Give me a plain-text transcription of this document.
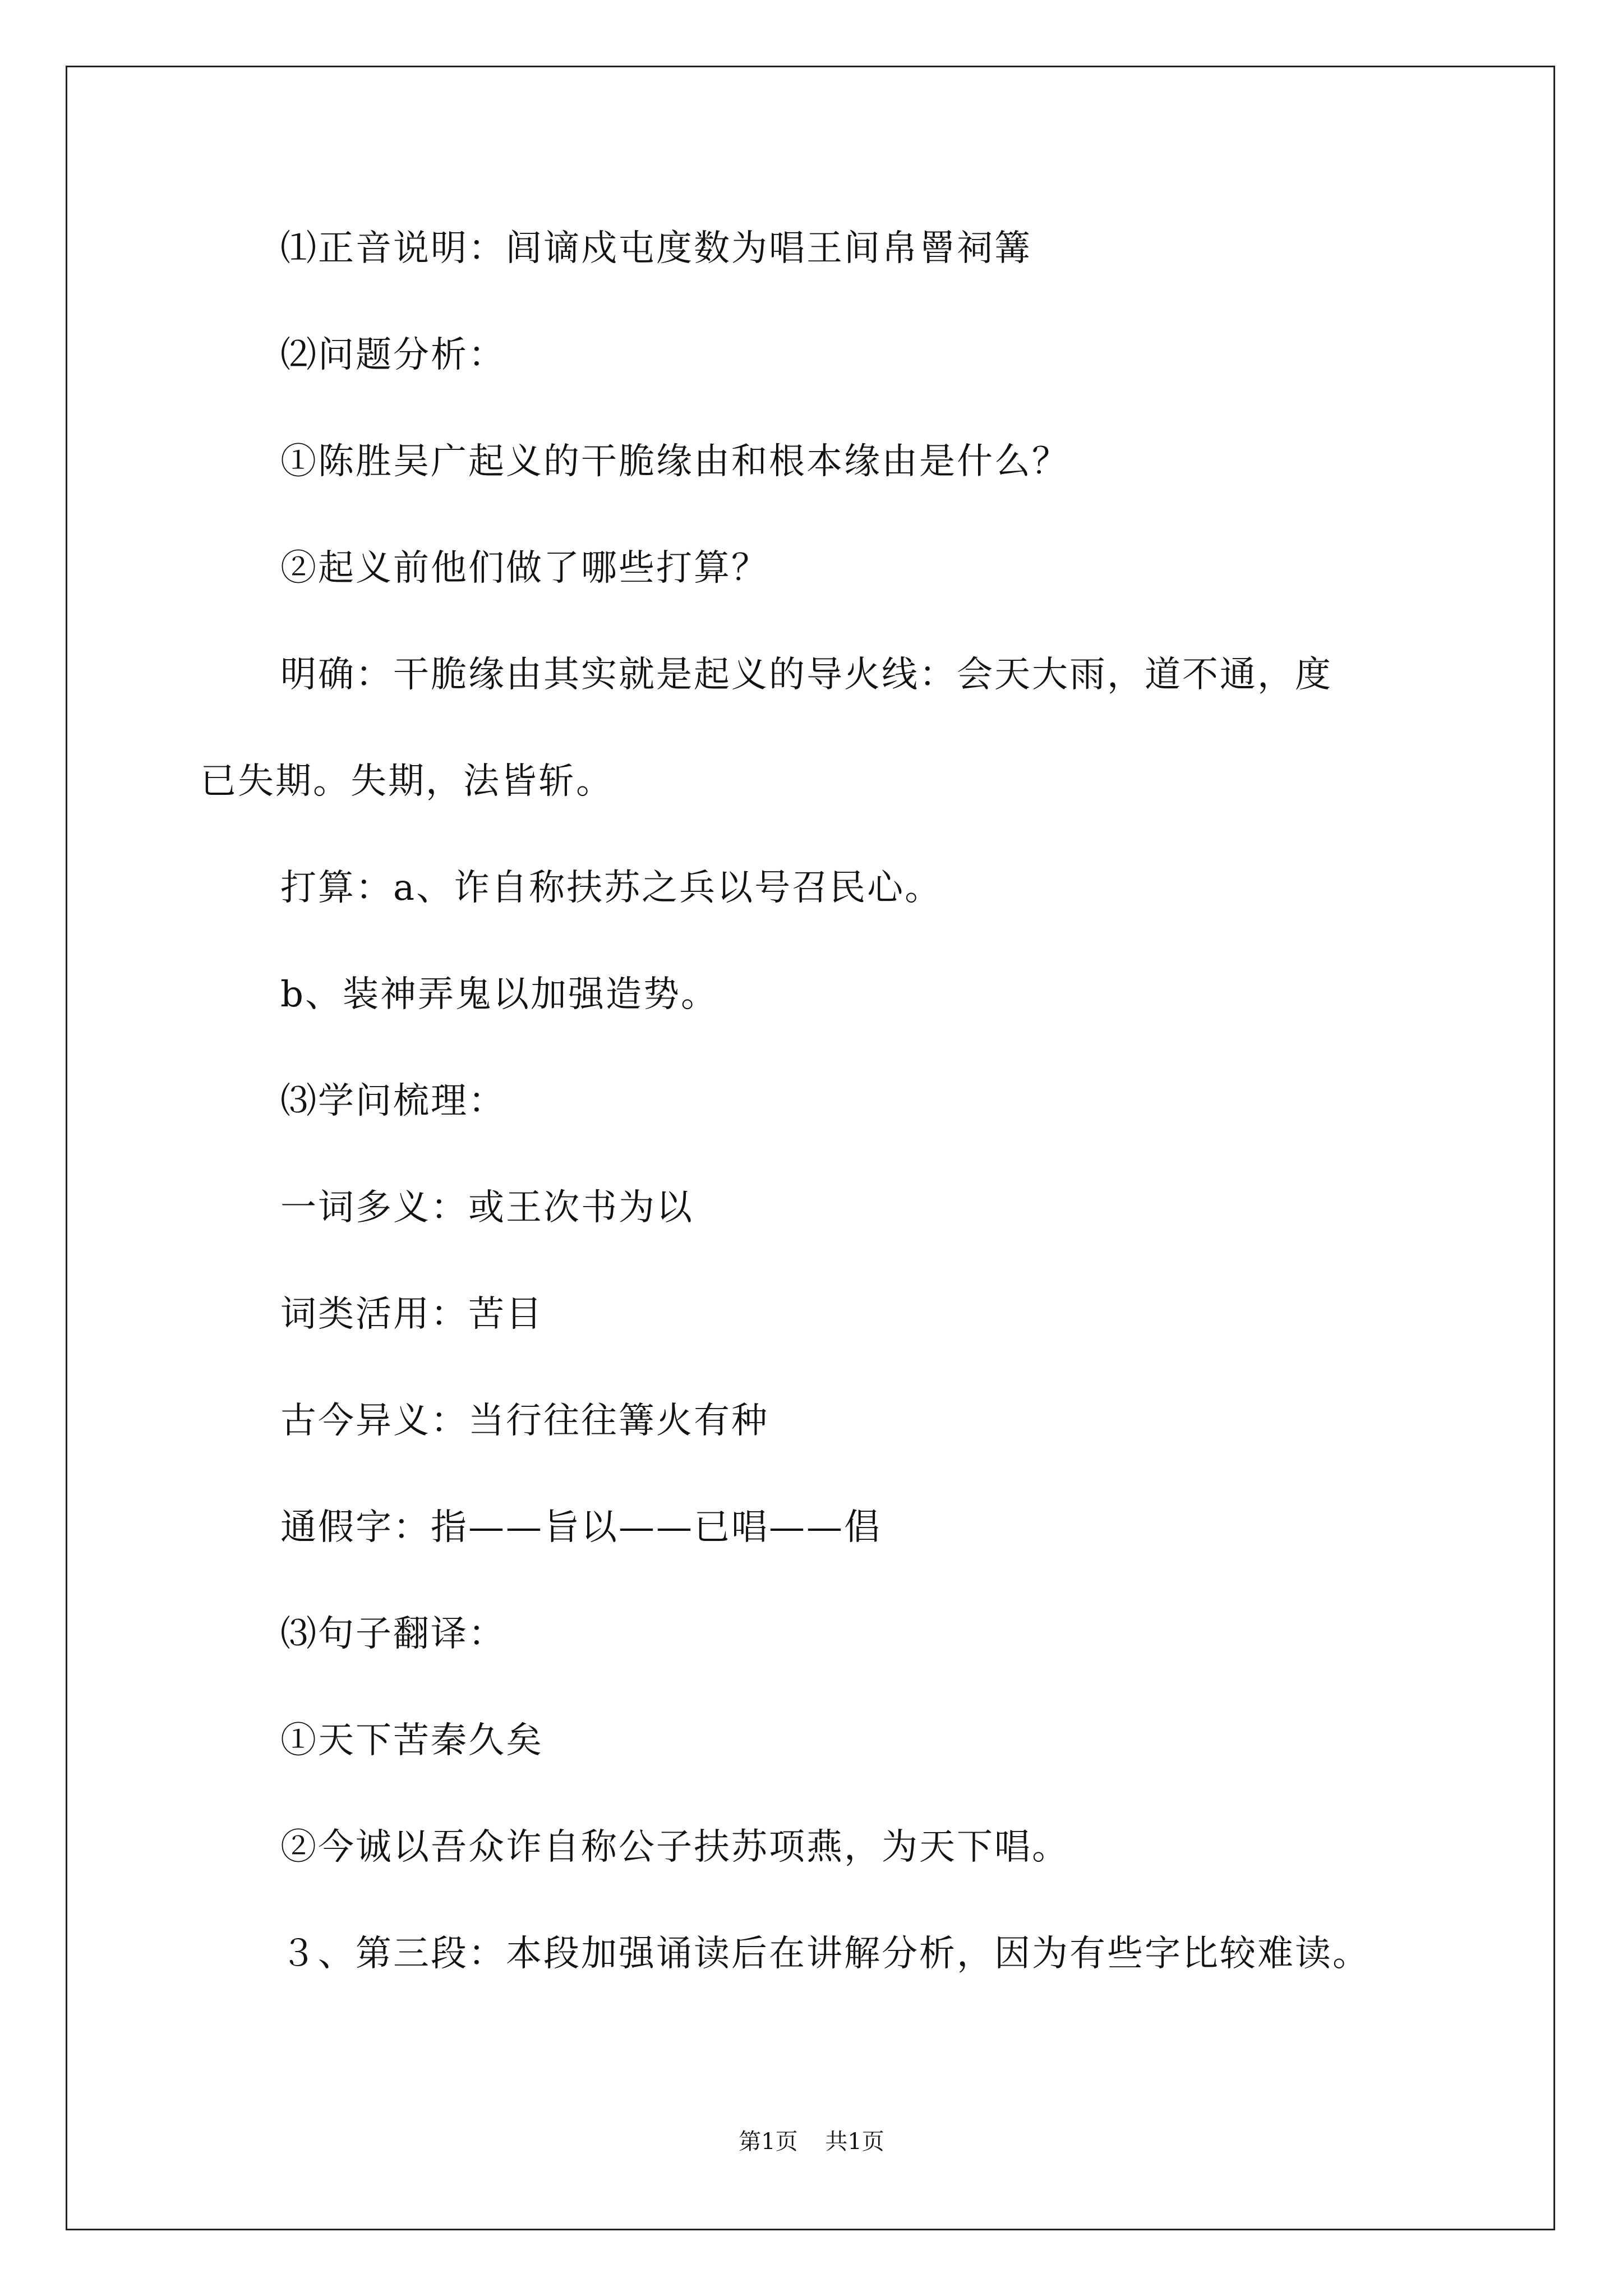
⑴正音说明：闾谪戍屯度数为唱王间帛罾祠篝

⑵问题分析：

①陈胜吴广起义的干脆缘由和根本缘由是什么？

②起义前他们做了哪些打算？

明确：干脆缘由其实就是起义的导火线：会天大雨，道不通，度

已失期。失期，法皆斩。

打算：a、诈自称扶苏之兵以号召民心。

b、装神弄鬼以加强造势。

⑶学问梳理：

一词多义：或王次书为以

词类活用：苦目

古今异义：当行往往篝火有种

通假字：指——旨以——已唱——倡

⑶句子翻译：

①天下苦秦久矣

②今诚以吾众诈自称公子扶苏项燕，为天下唱。

３、第三段：本段加强诵读后在讲解分析，因为有些字比较难读。

第1页 共1页
